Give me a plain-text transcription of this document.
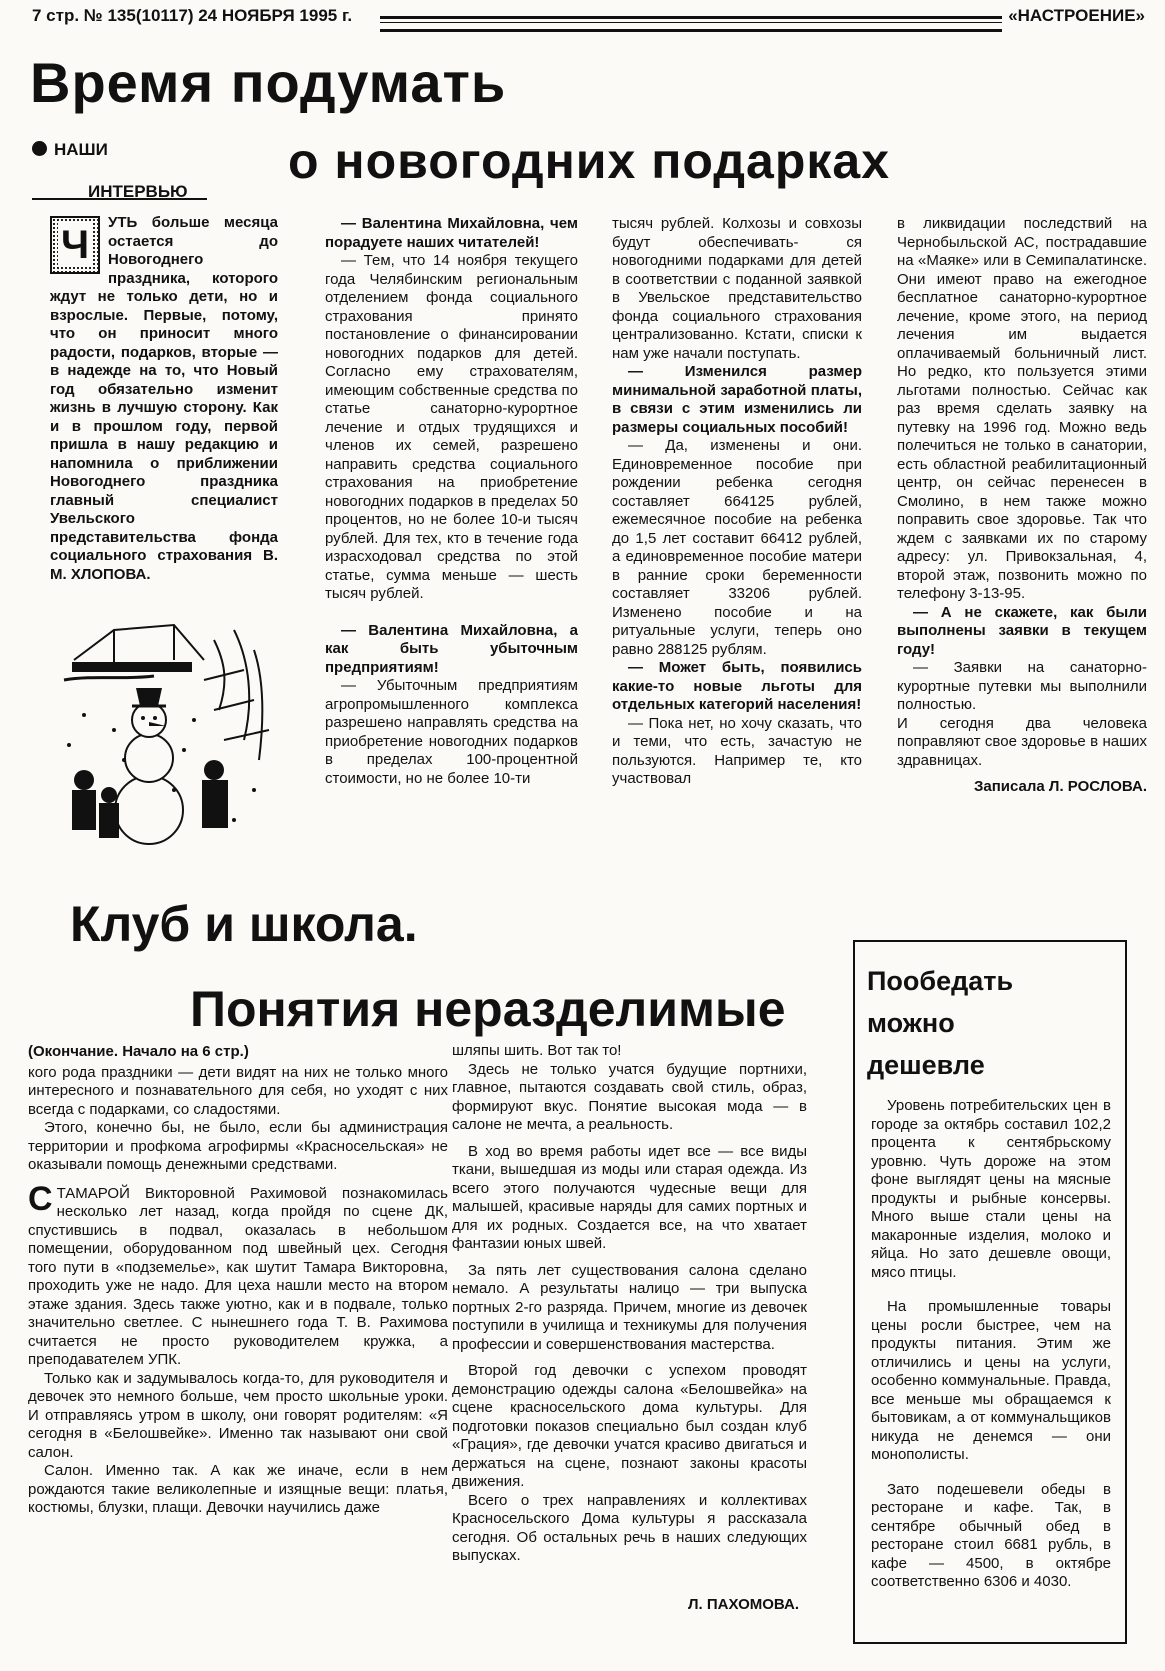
7 стр. № 135(10117) 24 НОЯБРЯ 1995 г.	«НАСТРОЕНИЕ»
Время подумать
о новогодних подарках
НАШИ
ИНТЕРВЬЮ
Ч
УТЬ больше месяца остается до Новогоднего праздника, которого ждут не только дети, но и взрослые. Первые, потому, что он приносит много радости, подарков, вторые — в надежде на то, что Новый год обязательно изменит жизнь в лучшую сторону. Как и в прошлом году, первой пришла в нашу редакцию и напомнила о приближении Новогоднего праздника главный специалист Увельского представительства фонда социального страхования В. М. ХЛОПОВА.

— Валентина Михайловна, чем порадуете наших читателей!

— Тем, что 14 ноября текущего года Челябинским региональным отделением фонда социального страхования принято постановление о финансировании новогодних подарков для детей. Согласно ему страхователям, имеющим собственные средства по статье санаторно-курортное лечение и отдых трудящихся и членов их семей, разрешено направить средства социального страхования на приобретение новогодних подарков в пределах 50 процентов, но не более 10-и тысяч рублей. Для тех, кто в течение года израсходовал средства по этой статье, сумма меньше — шесть тысяч рублей.

— Валентина Михайловна, а как быть убыточным предприятиям!

— Убыточным предприятиям агропромышленного комплекса разрешено направлять средства на приобретение новогодних подарков в пределах 100-процентной стоимости, но не более 10-ти

тысяч рублей. Колхозы и совхозы будут обеспечивать- ся новогодними подарками для детей в соответствии с поданной заявкой в Увельское представительство фонда социального страхования централизованно. Кстати, списки к нам уже начали поступать.

— Изменился размер минимальной заработной платы, в связи с этим изменились ли размеры социальных пособий!

— Да, изменены и они. Единовременное пособие при рождении ребенка сегодня составляет 664125 рублей, ежемесячное пособие на ребенка до 1,5 лет составит 66412 рублей, а единовременное пособие матери в ранние сроки беременности составляет 33206 рублей. Изменено пособие и на ритуальные услуги, теперь оно равно 288125 рублям.

— Может быть, появились какие-то новые льготы для отдельных категорий населения!

— Пока нет, но хочу сказать, что и теми, что есть, зачастую не пользуются. Например те, кто участвовал

в ликвидации последствий на Чернобыльской АС, пострадавшие на «Маяке» или в Семипалатинске. Они имеют право на ежегодное бесплатное санаторно-курортное лечение, кроме этого, на период лечения им выдается оплачиваемый больничный лист. Но редко, кто пользуется этими льготами полностью. Сейчас как раз время сделать заявку на путевку на 1996 год. Можно ведь полечиться не только в санатории, есть областной реабилитационный центр, он сейчас перенесен в Смолино, в нем также можно поправить свое здоровье. Так что ждем с заявками их по старому адресу: ул. Привокзальная, 4, второй этаж, позвонить можно по телефону 3-13-95.

— А не скажете, как были выполнены заявки в текущем году!

— Заявки на санаторно-курортные путевки мы выполнили полностью.

И сегодня два человека поправляют свое здоровье в наших здравницах.

Записала Л. РОСЛОВА.

Клуб и школа.
Понятия неразделимые

(Окончание. Начало на 6 стр.)

кого рода праздники — дети видят на них не только много интересного и познавательного для себя, но уходят с них всегда с подарками, со сладостями.

Этого, конечно бы, не было, если бы администрация территории и профкома агрофирмы «Красносельская» не оказывали помощь денежными средствами.

СТАМАРОЙ Викторовной Рахимовой познакомилась несколько лет назад, когда пройдя по сцене ДК, спустившись в подвал, оказалась в небольшом помещении, оборудованном под швейный цех. Сегодня того пути в «подземелье», как шутит Тамара Викторовна, проходить уже не надо. Для цеха нашли место на втором этаже здания. Здесь также уютно, как и в подвале, только значительно светлее. С нынешнего года Т. В. Рахимова считается не просто руководителем кружка, а преподавателем УПК.

Только как и задумывалось когда-то, для руководителя и девочек это немного больше, чем просто школьные уроки. И отправляясь утром в школу, они говорят родителям: «Я сегодня в «Белошвейке». Именно так называют они свой салон.

Салон. Именно так. А как же иначе, если в нем рождаются такие великолепные и изящные вещи: платья, костюмы, блузки, плащи. Девочки научились даже

шляпы шить. Вот так то!

Здесь не только учатся будущие портнихи, главное, пытаются создавать свой стиль, образ, формируют вкус. Понятие высокая мода — в салоне не мечта, а реальность.

В ход во время работы идет все — все виды ткани, вышедшая из моды или старая одежда. Из всего этого получаются чудесные вещи для малышей, красивые наряды для самих портных и для их родных. Создается все, на что хватает фантазии юных швей.

За пять лет существования салона сделано немало. А результаты налицо — три выпуска портных 2-го разряда. Причем, многие из девочек поступили в училища и техникумы для получения профессии и совершенствования мастерства.

Второй год девочки с успехом проводят демонстрацию одежды салона «Белошвейка» на сцене красносельского дома культуры. Для подготовки показов специально был создан клуб «Грация», где девочки учатся красиво двигаться и держаться на сцене, познают законы красоты движения.

Всего о трех направлениях и коллективах Красносельского Дома культуры я рассказала сегодня. Об остальных речь в наших следующих выпусках.

Л. ПАХОМОВА.

Пообедать
можно
дешевле

Уровень потребительских цен в городе за октябрь составил 102,2 процента к сентябрьскому уровню. Чуть дороже на этом фоне выглядят цены на мясные продукты и рыбные консервы. Много выше стали цены на макаронные изделия, молоко и яйца. Но зато дешевле овощи, мясо птицы.

На промышленные товары цены росли быстрее, чем на продукты питания. Этим же отличились и цены на услуги, особенно коммунальные. Правда, все меньше мы обращаемся к бытовикам, а от коммунальщиков никуда не денемся — они монополисты.

Зато подешевели обеды в ресторане и кафе. Так, в сентябре обычный обед в ресторане стоил 6681 рубль, в кафе — 4500, в октябре соответственно 6306 и 4030.
